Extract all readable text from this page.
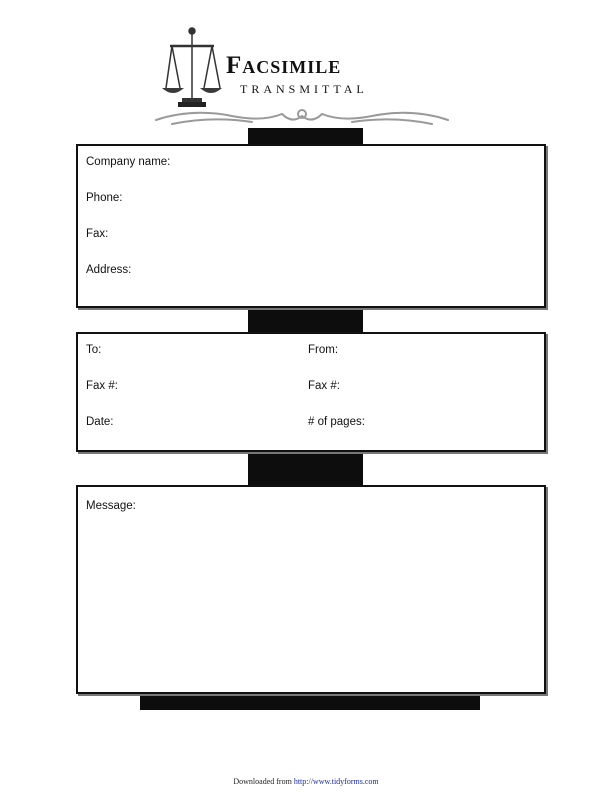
Facsimile
TRANSMITTAL
Company name:
Phone:
Fax:
Address:
To:	From:
Fax #:	Fax #:
Date:	# of pages:
Message:
Downloaded from http://www.tidyforms.com
